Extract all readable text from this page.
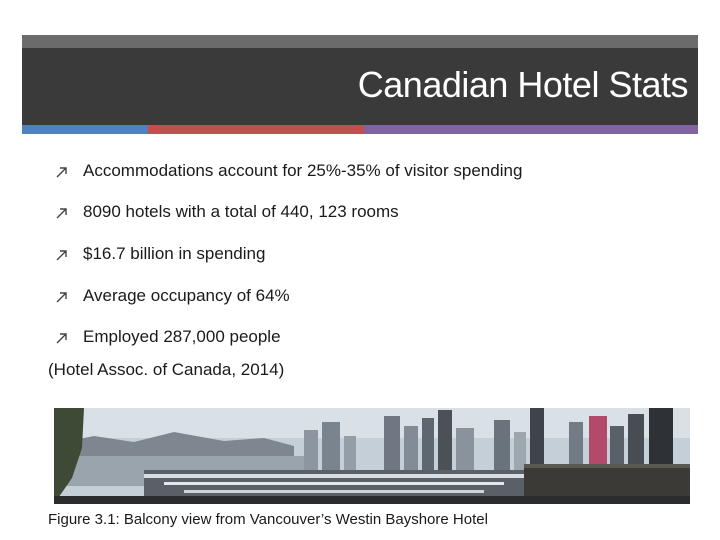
Canadian Hotel Stats
Accommodations account for 25%-35% of visitor spending
8090 hotels with a total of 440, 123 rooms
$16.7 billion in spending
Average occupancy of 64%
Employed 287,000 people
(Hotel Assoc. of Canada, 2014)
Figure 3.1: Balcony view from Vancouver’s Westin Bayshore Hotel
